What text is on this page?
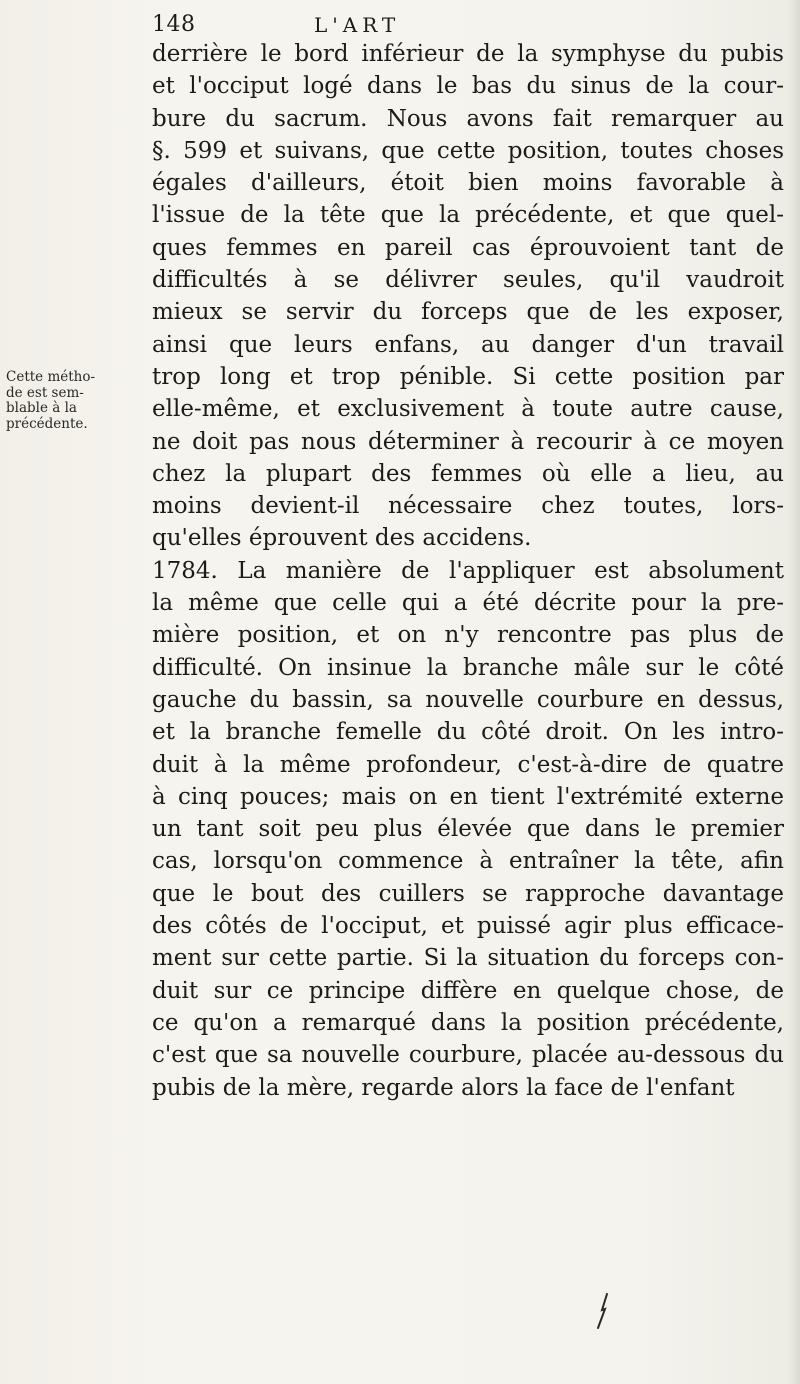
148	L'ART
Cette métho-
de est sem-
blable à la
précédente.
derrière le bord inférieur de la symphyse du pubis
et l'occiput logé dans le bas du sinus de la cour-
bure du sacrum. Nous avons fait remarquer au
§. 599 et suivans, que cette position, toutes choses
égales d'ailleurs, étoit bien moins favorable à
l'issue de la tête que la précédente, et que quel-
ques femmes en pareil cas éprouvoient tant de
difficultés à se délivrer seules, qu'il vaudroit
mieux se servir du forceps que de les exposer,
ainsi que leurs enfans, au danger d'un travail
trop long et trop pénible. Si cette position par
elle-même, et exclusivement à toute autre cause,
ne doit pas nous déterminer à recourir à ce moyen
chez la plupart des femmes où elle a lieu, au
moins devient-il nécessaire chez toutes, lors-
qu'elles éprouvent des accidens.
1784. La manière de l'appliquer est absolument
la même que celle qui a été décrite pour la pre-
mière position, et on n'y rencontre pas plus de
difficulté. On insinue la branche mâle sur le côté
gauche du bassin, sa nouvelle courbure en dessus,
et la branche femelle du côté droit. On les intro-
duit à la même profondeur, c'est-à-dire de quatre
à cinq pouces; mais on en tient l'extrémité externe
un tant soit peu plus élevée que dans le premier
cas, lorsqu'on commence à entraîner la tête, afin
que le bout des cuillers se rapproche davantage
des côtés de l'occiput, et puissé agir plus efficace-
ment sur cette partie. Si la situation du forceps con-
duit sur ce principe diffère en quelque chose, de
ce qu'on a remarqué dans la position précédente,
c'est que sa nouvelle courbure, placée au-dessous du
pubis de la mère, regarde alors la face de l'enfant
